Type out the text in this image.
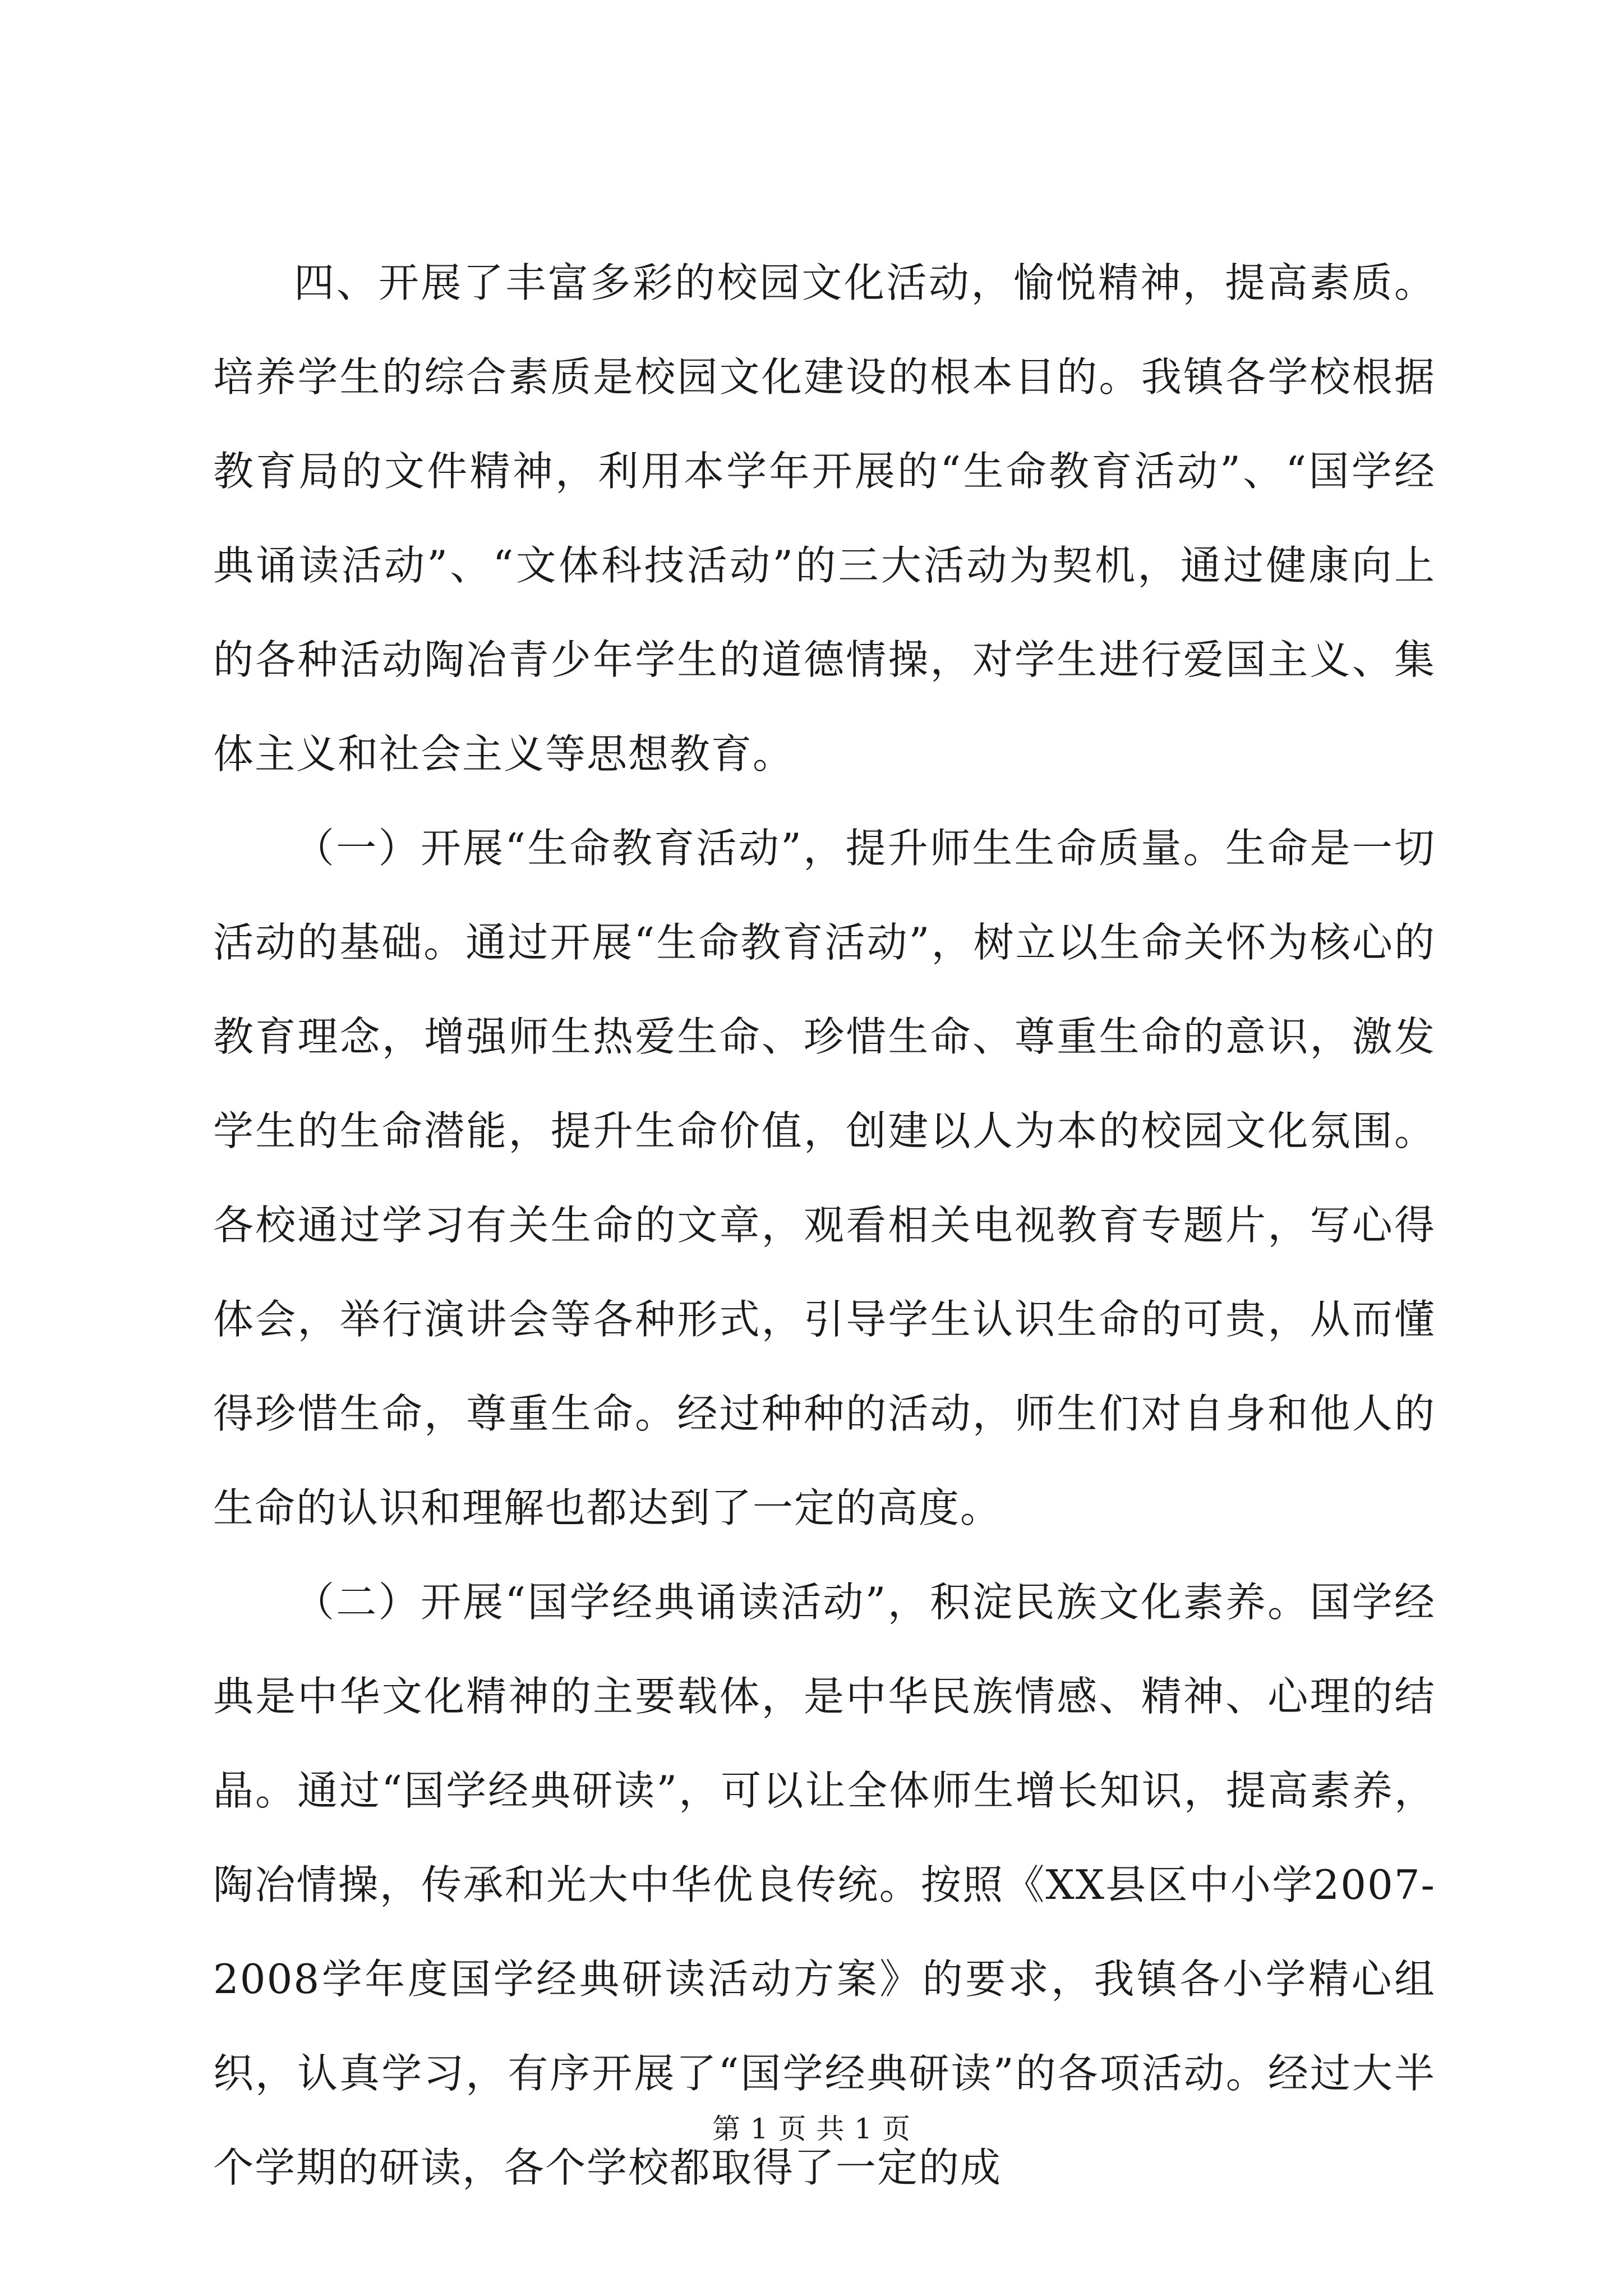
四、开展了丰富多彩的校园文化活动，愉悦精神，提高素质。培养学生的综合素质是校园文化建设的根本目的。我镇各学校根据教育局的文件精神，利用本学年开展的“生命教育活动”、“国学经典诵读活动”、“文体科技活动”的三大活动为契机，通过健康向上的各种活动陶冶青少年学生的道德情操，对学生进行爱国主义、集体主义和社会主义等思想教育。

（一）开展“生命教育活动”，提升师生生命质量。生命是一切活动的基础。通过开展“生命教育活动”，树立以生命关怀为核心的教育理念，增强师生热爱生命、珍惜生命、尊重生命的意识，激发学生的生命潜能，提升生命价值，创建以人为本的校园文化氛围。各校通过学习有关生命的文章，观看相关电视教育专题片，写心得体会，举行演讲会等各种形式，引导学生认识生命的可贵，从而懂得珍惜生命，尊重生命。经过种种的活动，师生们对自身和他人的生命的认识和理解也都达到了一定的高度。

（二）开展“国学经典诵读活动”，积淀民族文化素养。国学经典是中华文化精神的主要载体，是中华民族情感、精神、心理的结晶。通过“国学经典研读”，可以让全体师生增长知识，提高素养，陶冶情操，传承和光大中华优良传统。按照《XX县区中小学2007-2008学年度国学经典研读活动方案》的要求，我镇各小学精心组织，认真学习，有序开展了“国学经典研读”的各项活动。经过大半个学期的研读，各个学校都取得了一定的成

第 1 页 共 1 页
